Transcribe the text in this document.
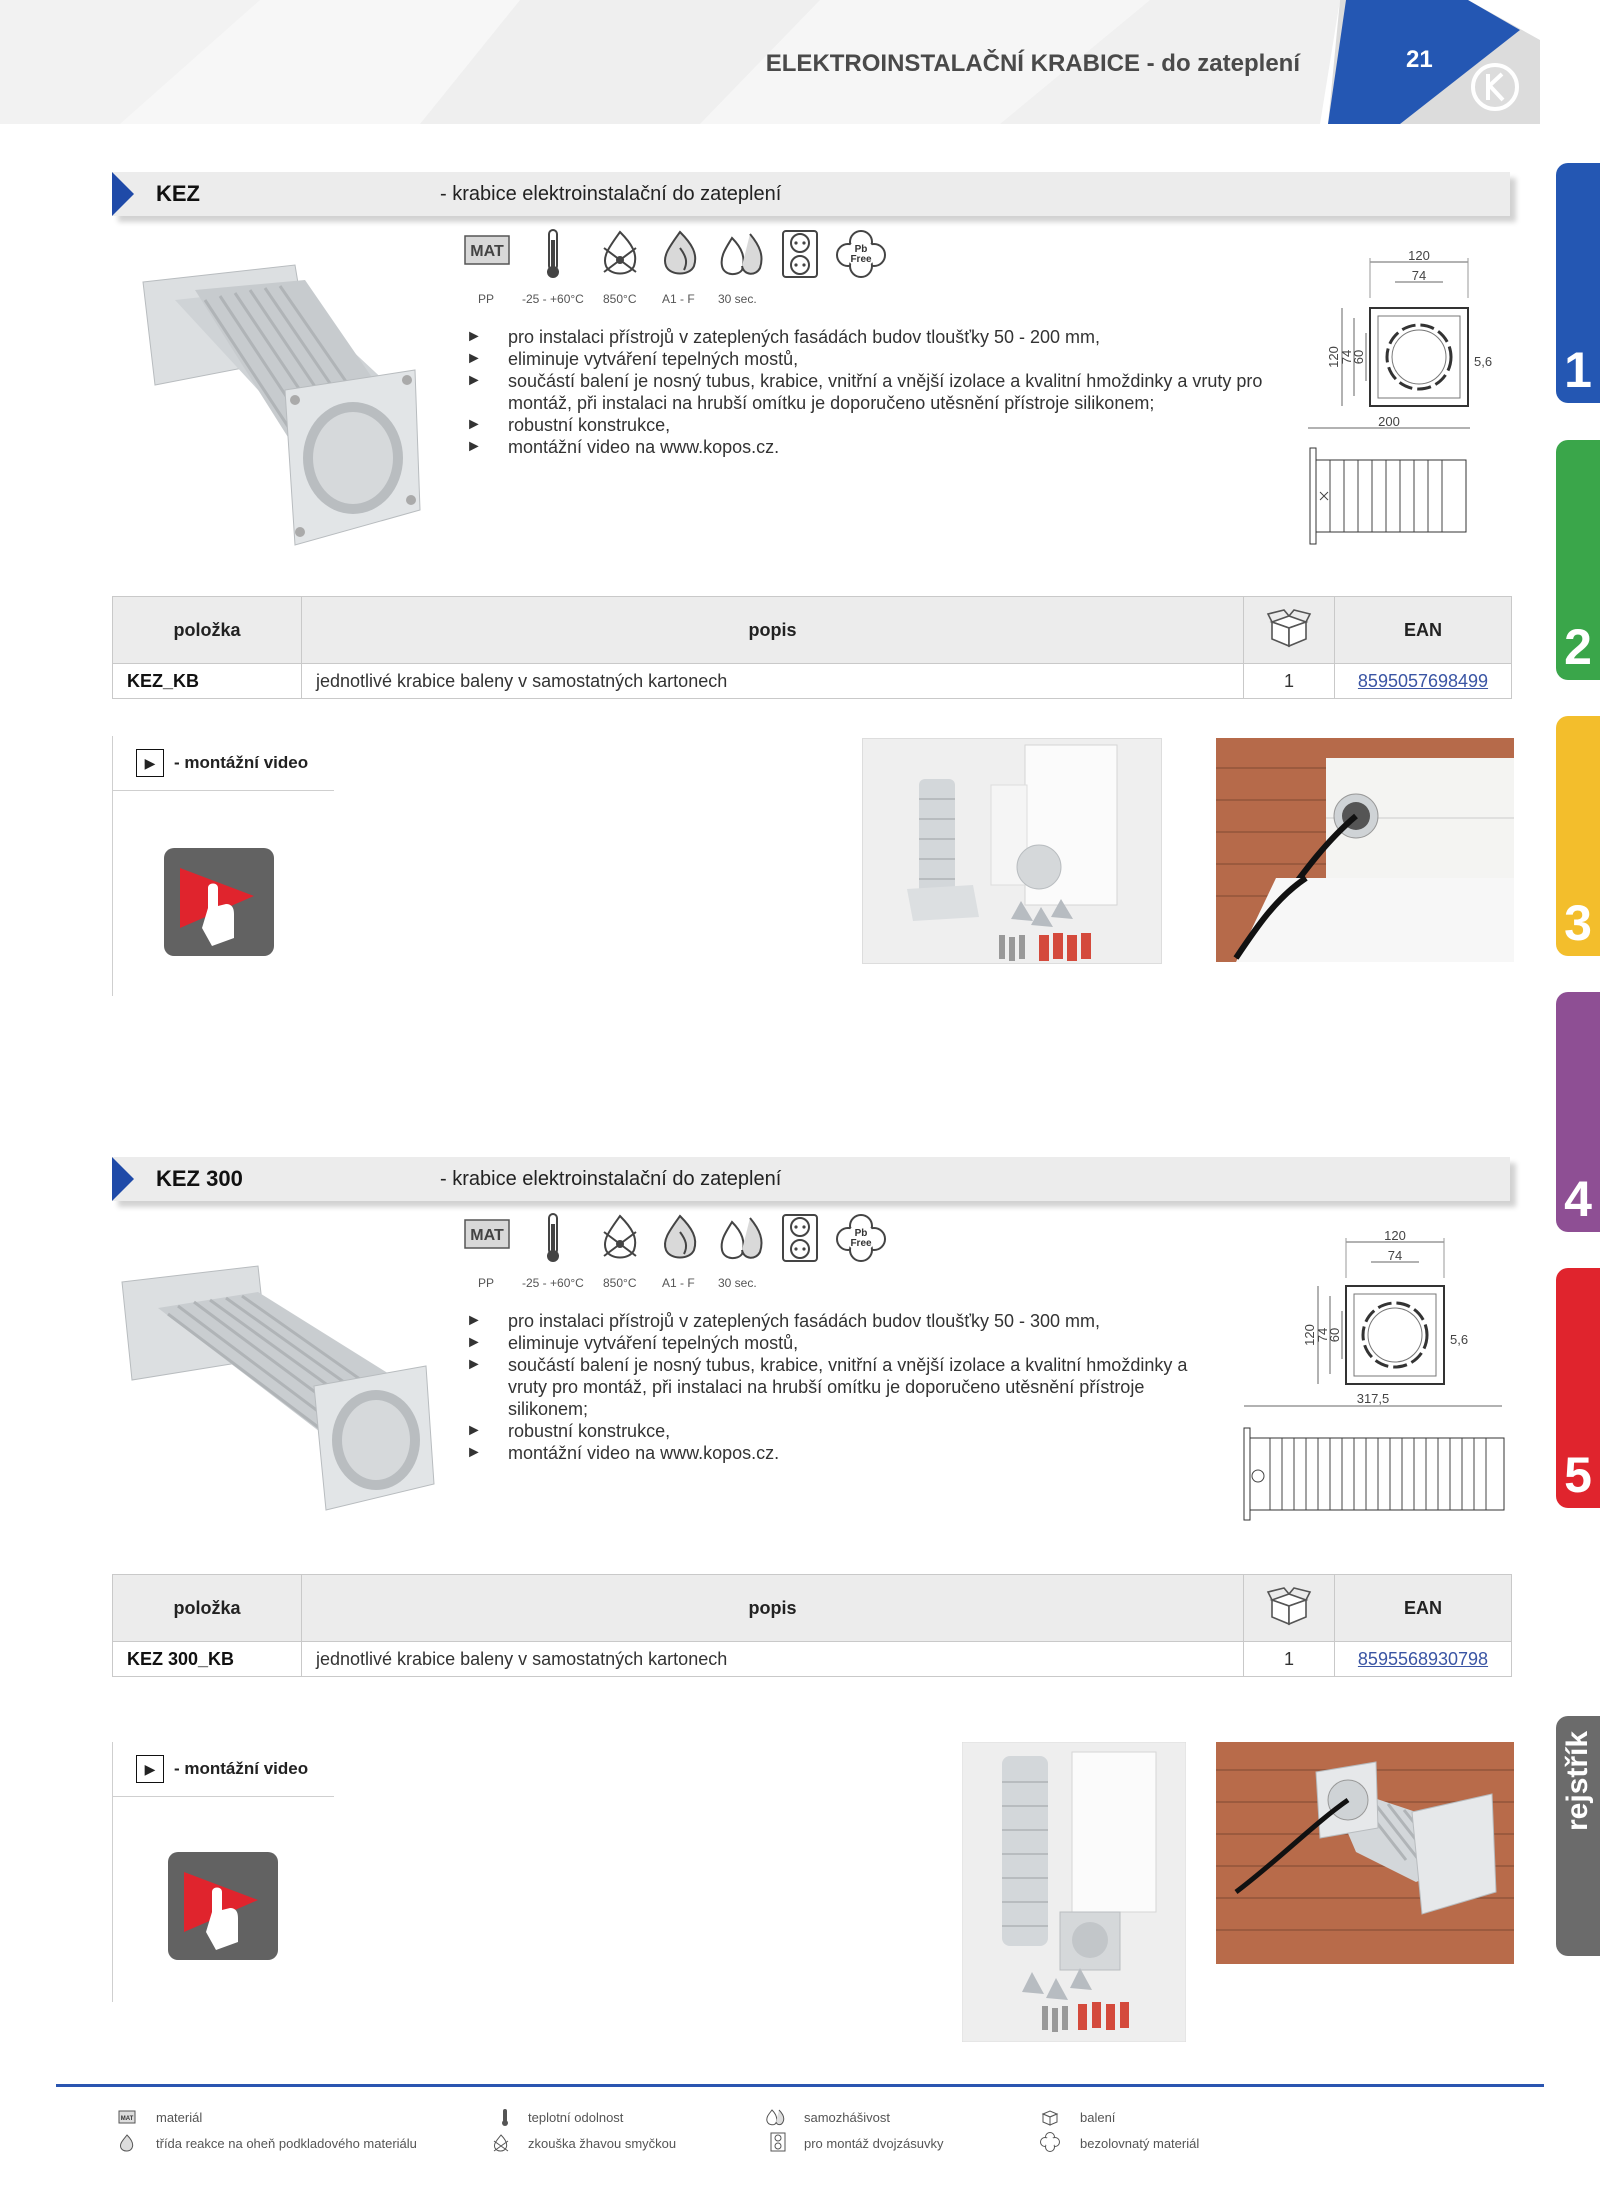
ELEKTROINSTALAČNÍ KRABICE - do zateplení	21
1
2
3
4
5
rejstřík
KEZ	- krabice elektroinstalační do zateplení
MAT	Pb
Free
PP -25 - +60°C 850°C A1 - F 30 sec.
► pro instalaci přístrojů v zateplených fasádách budov tloušťky 50 - 200 mm,
► eliminuje vytváření tepelných mostů,
► součástí balení je nosný tubus, krabice, vnitřní a vnější izolace a kvalitní hmoždinky a vruty pro montáž, při instalaci na hrubší omítku je doporučeno utěsnění přístroje silikonem;
► robustní konstrukce,
► montážní video na www.kopos.cz.
120
74
120
74
60	5,6
200
položka	popis		EAN
KEZ_KB	jednotlivé krabice baleny v samostatných kartonech	1	8595057698499
▶	- montážní video
KEZ 300	- krabice elektroinstalační do zateplení
MAT	Pb
Free
PP -25 - +60°C 850°C A1 - F 30 sec.
► pro instalaci přístrojů v zateplených fasádách budov tloušťky 50 - 300 mm,
► eliminuje vytváření tepelných mostů,
► součástí balení je nosný tubus, krabice, vnitřní a vnější izolace a kvalitní hmoždinky a vruty pro montáž, při instalaci na hrubší omítku je doporučeno utěsnění přístroje silikonem;
► robustní konstrukce,
► montážní video na www.kopos.cz.
120
74
120
74
60	5,6
317,5
položka	popis		EAN
KEZ 300_KB	jednotlivé krabice baleny v samostatných kartonech	1	8595568930798
▶	- montážní video
MAT materiál
třída reakce na oheň podkladového materiálu
teplotní odolnost
zkouška žhavou smyčkou
samozhášivost
pro montáž dvojzásuvky
balení
bezolovnatý materiál
